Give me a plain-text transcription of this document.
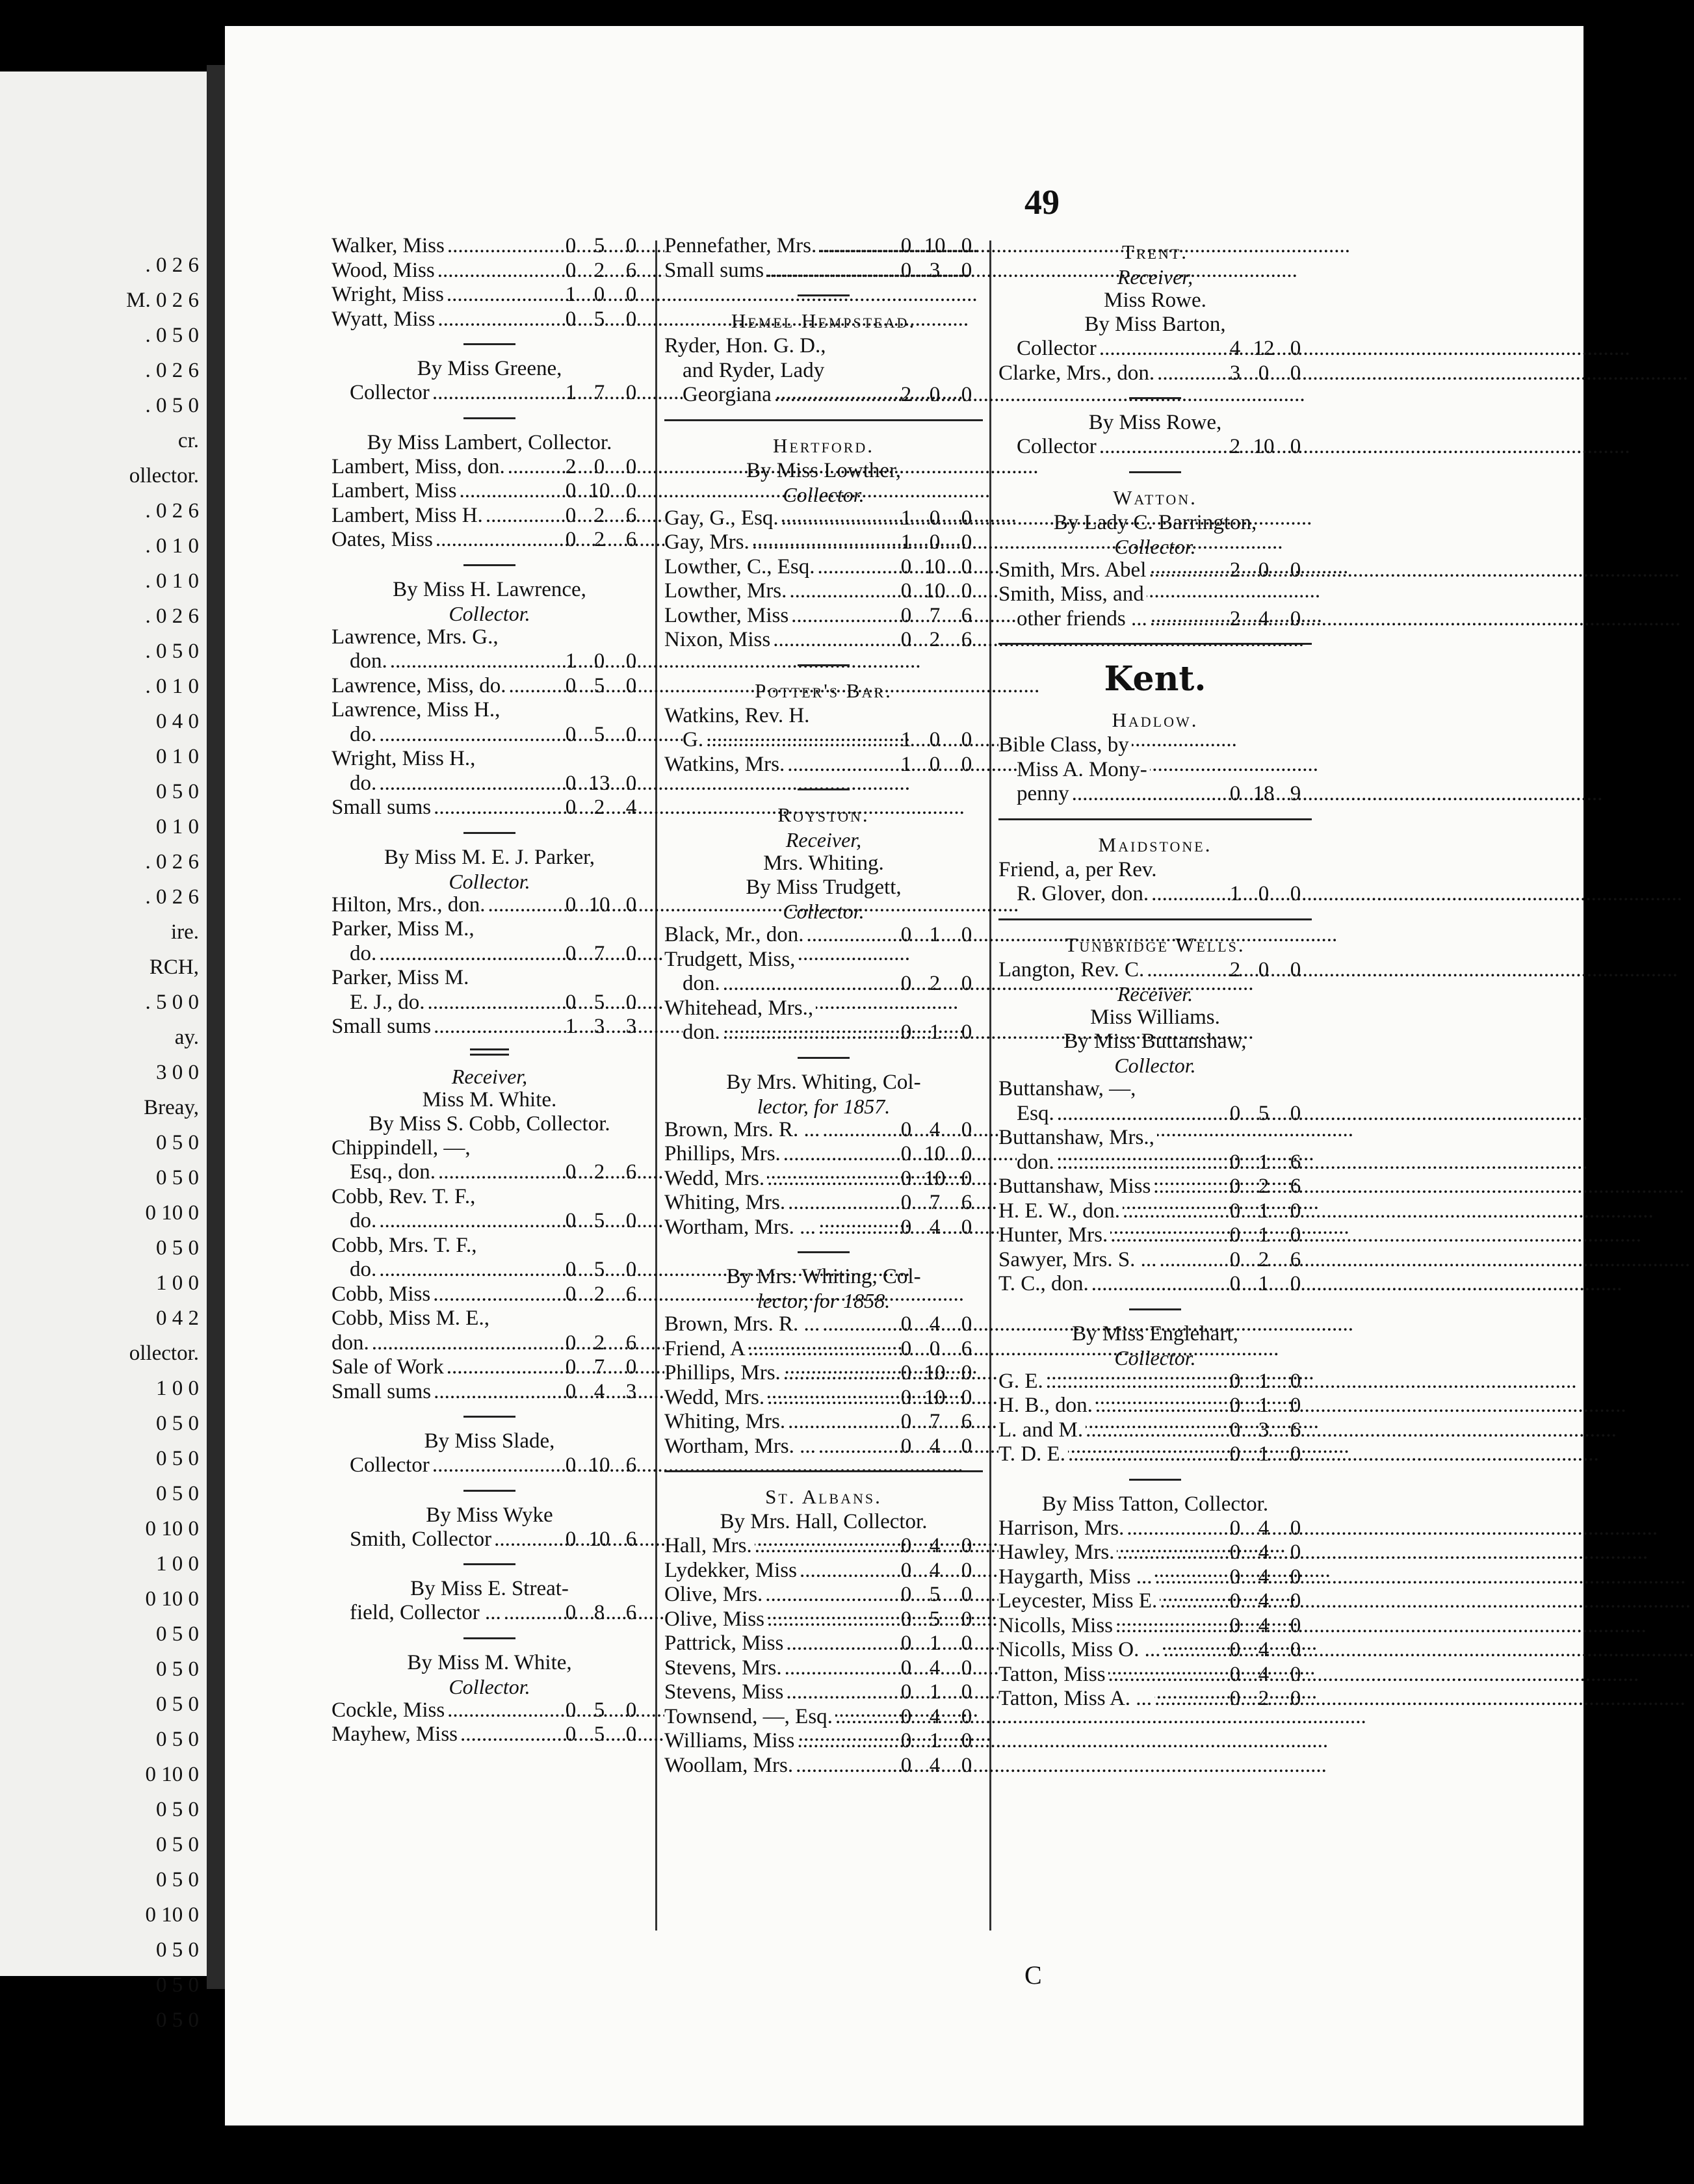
. 0 2 6
M. 0 2 6
. 0 5 0
. 0 2 6
. 0 5 0
cr.
ollector.
. 0 2 6
. 0 1 0
. 0 1 0
. 0 2 6
. 0 5 0
. 0 1 0
0 4 0
0 1 0
0 5 0
0 1 0
. 0 2 6
. 0 2 6
ire.
RCH,
. 5 0 0
ay.
3 0 0
Breay,
0 5 0
0 5 0
0 10 0
0 5 0
1 0 0
0 4 2
ollector.
1 0 0
0 5 0
0 5 0
0 5 0
0 10 0
1 0 0
0 10 0
0 5 0
0 5 0
0 5 0
0 5 0
0 10 0
0 5 0
0 5 0
0 5 0
0 10 0
0 5 0
0 5 0
0 5 0
49
C
Walker, Miss .....	0 5 0
Wood, Miss .....	0 2 6
Wright, Miss .....	1 0 0
Wyatt, Miss .....	0 5 0
By Miss Greene,
Collector .....	1 7 0
By Miss Lambert, Collector.
Lambert, Miss, don. .....	2 0 0
Lambert, Miss .....	0 10 0
Lambert, Miss H. .....	0 2 6
Oates, Miss .....	0 2 6
By Miss H. Lawrence,
Collector.
Lawrence, Mrs. G.,
don. .....	1 0 0
Lawrence, Miss, do. .....	0 5 0
Lawrence, Miss H.,
do. .....	0 5 0
Wright, Miss H.,
do. .....	0 13 0
Small sums .....	0 2 4
By Miss M. E. J. Parker,
Collector.
Hilton, Mrs., don. .....	0 10 0
Parker, Miss M.,
do. .....	0 7 0
Parker, Miss M.
E. J., do. .....	0 5 0
Small sums .....	1 3 3
Receiver,
Miss M. White.
By Miss S. Cobb, Collector.
Chippindell, —,
Esq., don. .....	0 2 6
Cobb, Rev. T. F.,
do. .....	0 5 0
Cobb, Mrs. T. F.,
do. .....	0 5 0
Cobb, Miss .....	0 2 6
Cobb, Miss M. E.,
don. .....	0 2 6
Sale of Work .....	0 7 0
Small sums .....	0 4 3
By Miss Slade,
Collector .....	0 10 6
By Miss Wyke
Smith, Collector .....	0 10 6
By Miss E. Streat-
field, Collector ... .....	0 8 6
By Miss M. White,
Collector.
Cockle, Miss .....	0 5 0
Mayhew, Miss .....	0 5 0
Pennefather, Mrs. .....	0 10 0
Small sums .....	0 3 0
Hemel Hempstead.
Ryder, Hon. G. D.,
and Ryder, Lady
Georgiana .....	2 0 0
Hertford.
By Miss Lowther,
Collector.
Gay, G., Esq. .....	1 0 0
Gay, Mrs. .....	1 0 0
Lowther, C., Esq. .....	0 10 0
Lowther, Mrs. .....	0 10 0
Lowther, Miss .....	0 7 6
Nixon, Miss .....	0 2 6
Potter's Bar.
Watkins, Rev. H.
G. .....	1 0 0
Watkins, Mrs. .....	1 0 0
Royston.
Receiver,
Mrs. Whiting.
By Miss Trudgett,
Collector.
Black, Mr., don. .....	0 1 0
Trudgett, Miss,
don. .....	0 2 0
Whitehead, Mrs.,
don. .....	0 1 0
By Mrs. Whiting, Col-
lector, for 1857.
Brown, Mrs. R. ... .....	0 4 0
Phillips, Mrs. .....	0 10 0
Wedd, Mrs. .....	0 10 0
Whiting, Mrs. .....	0 7 6
Wortham, Mrs. ... .....	0 4 0
By Mrs. Whiting, Col-
lector, for 1858.
Brown, Mrs. R. ... .....	0 4 0
Friend, A .....	0 0 6
Phillips, Mrs. .....	0 10 0
Wedd, Mrs. .....	0 10 0
Whiting, Mrs. .....	0 7 6
Wortham, Mrs. ... .....	0 4 0
St. Albans.
By Mrs. Hall, Collector.
Hall, Mrs. .....	0 4 0
Lydekker, Miss .....	0 4 0
Olive, Mrs. .....	0 5 0
Olive, Miss .....	0 5 0
Pattrick, Miss .....	0 1 0
Stevens, Mrs. .....	0 4 0
Stevens, Miss .....	0 1 0
Townsend, —, Esq. .....	0 4 0
Williams, Miss .....	0 1 0
Woollam, Mrs. .....	0 4 0
Trent.
Receiver,
Miss Rowe.
By Miss Barton,
Collector .....	4 12 0
Clarke, Mrs., don. .....	3 0 0
By Miss Rowe,
Collector .....	2 10 0
Watton.
By Lady C. Barrington,
Collector.
Smith, Mrs. Abel .....	2 0 0
Smith, Miss, and
other friends ... .....	2 4 0
Kent.
Hadlow.
Bible Class, by
Miss A. Mony-
penny .....	0 18 9
Maidstone.
Friend, a, per Rev.
R. Glover, don. .....	1 0 0
Tunbridge Wells.
Langton, Rev. C. .....	2 0 0
Receiver.
Miss Williams.
By Miss Buttanshaw,
Collector.
Buttanshaw, —,
Esq. .....	0 5 0
Buttanshaw, Mrs.,
don. .....	0 1 6
Buttanshaw, Miss .....	0 2 6
H. E. W., don. .....	0 1 0
Hunter, Mrs. .....	0 1 0
Sawyer, Mrs. S. ... .....	0 2 6
T. C., don. .....	0 1 0
By Miss Englehart,
Collector.
G. E. .....	0 1 0
H. B., don. .....	0 1 0
L. and M. .....	0 3 6
T. D. E. .....	0 1 0
By Miss Tatton, Collector.
Harrison, Mrs. .....	0 4 0
Hawley, Mrs. .....	0 4 0
Haygarth, Miss ... .....	0 4 0
Leycester, Miss E. .....	0 4 0
Nicolls, Miss .....	0 4 0
Nicolls, Miss O. ... .....	0 4 0
Tatton, Miss .....	0 4 0
Tatton, Miss A. ... .....	0 2 0
